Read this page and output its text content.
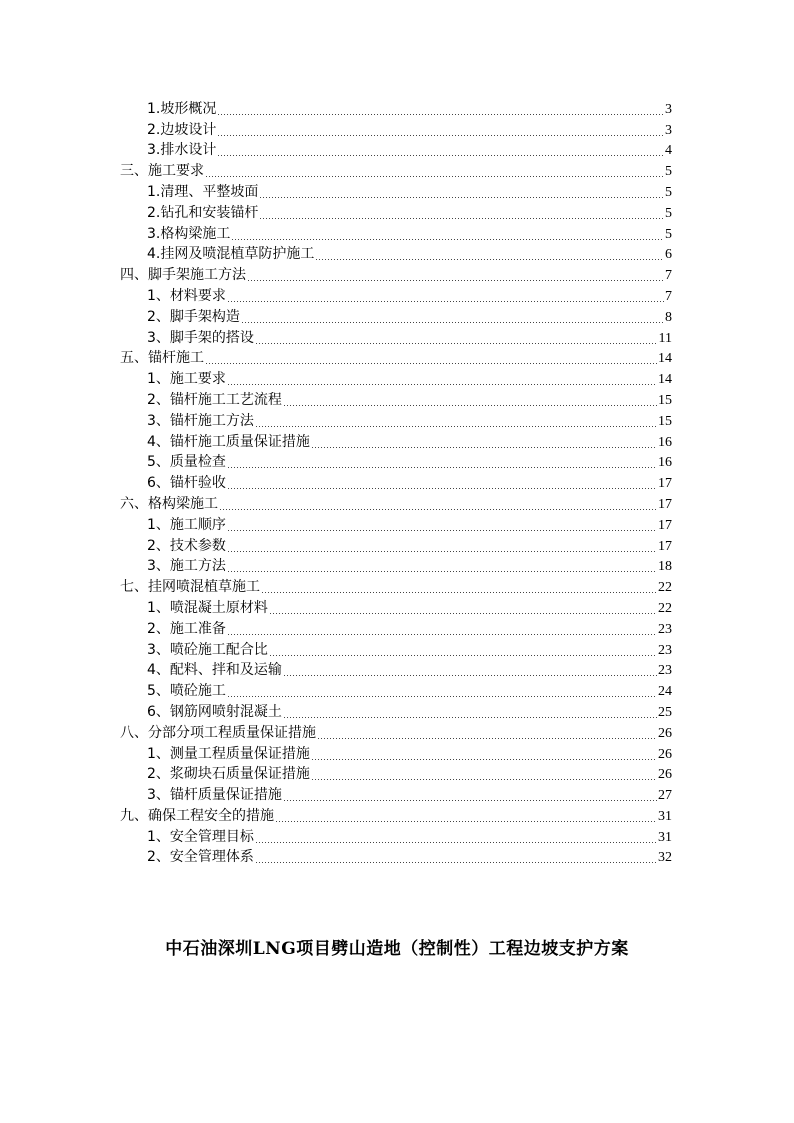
1.坡形概况	3
2.边坡设计	3
3.排水设计	4
三、施工要求	5
1.清理、平整坡面	5
2.钻孔和安装锚杆	5
3.格构梁施工	5
4.挂网及喷混植草防护施工	6
四、脚手架施工方法	7
1、材料要求	7
2、脚手架构造	8
3、脚手架的搭设	11
五、锚杆施工	14
1、施工要求	14
2、锚杆施工工艺流程	15
3、锚杆施工方法	15
4、锚杆施工质量保证措施	16
5、质量检查	16
6、锚杆验收	17
六、格构梁施工	17
1、施工顺序	17
2、技术参数	17
3、施工方法	18
七、挂网喷混植草施工	22
1、喷混凝土原材料	22
2、施工准备	23
3、喷砼施工配合比	23
4、配料、拌和及运输	23
5、喷砼施工	24
6、钢筋网喷射混凝土	25
八、分部分项工程质量保证措施	26
1、测量工程质量保证措施	26
2、浆砌块石质量保证措施	26
3、锚杆质量保证措施	27
九、确保工程安全的措施	31
1、安全管理目标	31
2、安全管理体系	32
中石油深圳LNG项目劈山造地（控制性）工程边坡支护方案
